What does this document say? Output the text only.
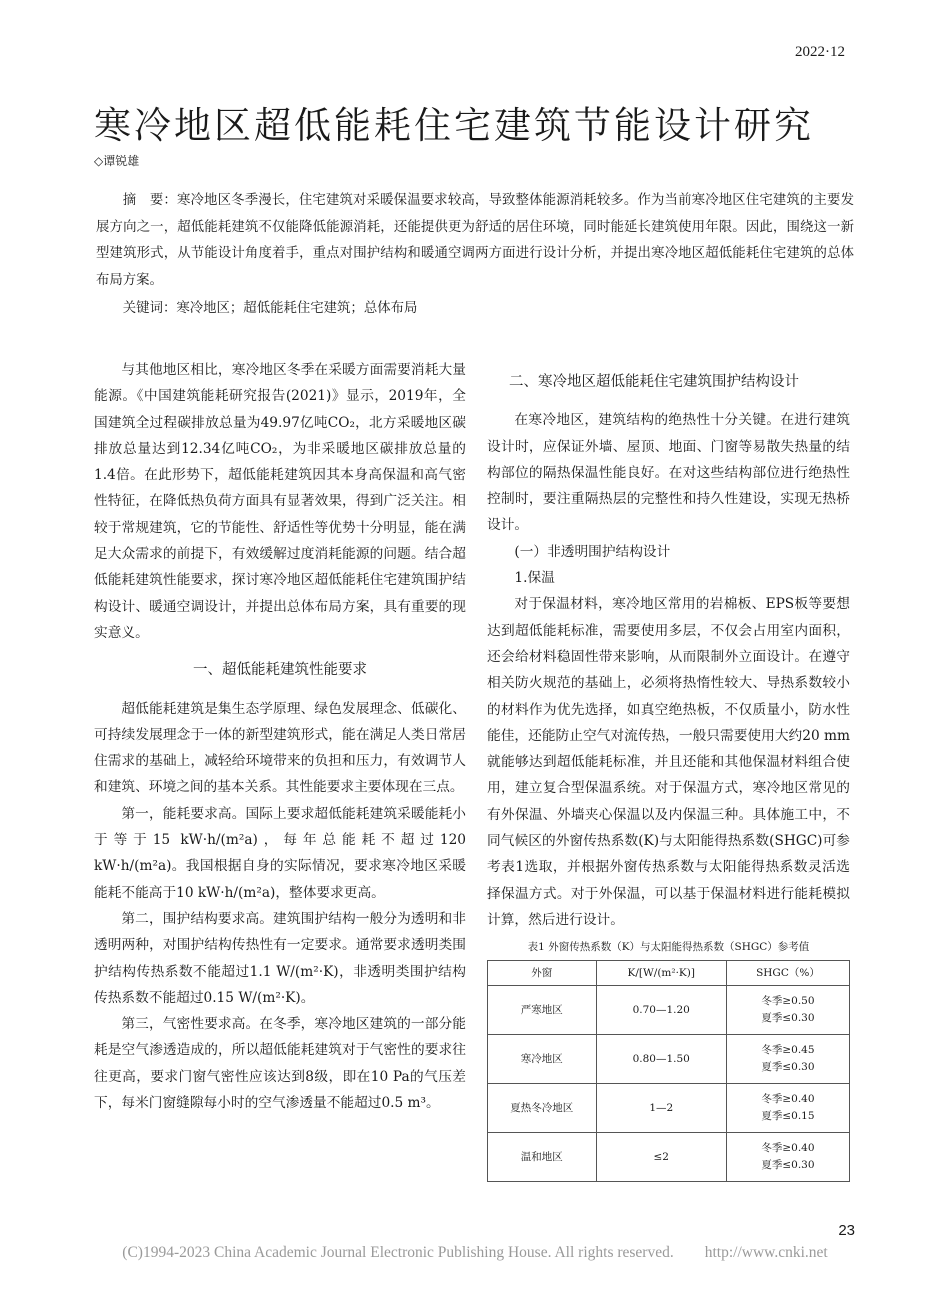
2022·12
寒冷地区超低能耗住宅建筑节能设计研究
◇谭锐雄

摘　要：寒冷地区冬季漫长，住宅建筑对采暖保温要求较高，导致整体能源消耗较多。作为当前寒冷地区住宅建筑的主要发展方向之一，超低能耗建筑不仅能降低能源消耗，还能提供更为舒适的居住环境，同时能延长建筑使用年限。因此，围绕这一新型建筑形式，从节能设计角度着手，重点对围护结构和暖通空调两方面进行设计分析，并提出寒冷地区超低能耗住宅建筑的总体布局方案。

关键词：寒冷地区；超低能耗住宅建筑；总体布局

与其他地区相比，寒冷地区冬季在采暖方面需要消耗大量能源。《中国建筑能耗研究报告(2021)》显示，2019年，全国建筑全过程碳排放总量为49.97亿吨CO₂，北方采暖地区碳排放总量达到12.34亿吨CO₂，为非采暖地区碳排放总量的1.4倍。在此形势下，超低能耗建筑因其本身高保温和高气密性特征，在降低热负荷方面具有显著效果，得到广泛关注。相较于常规建筑，它的节能性、舒适性等优势十分明显，能在满足大众需求的前提下，有效缓解过度消耗能源的问题。结合超低能耗建筑性能要求，探讨寒冷地区超低能耗住宅建筑围护结构设计、暖通空调设计，并提出总体布局方案，具有重要的现实意义。

一、超低能耗建筑性能要求

超低能耗建筑是集生态学原理、绿色发展理念、低碳化、可持续发展理念于一体的新型建筑形式，能在满足人类日常居住需求的基础上，减轻给环境带来的负担和压力，有效调节人和建筑、环境之间的基本关系。其性能要求主要体现在三点。

第一，能耗要求高。国际上要求超低能耗建筑采暖能耗小于等于15 kW·h/(m²a)，每年总能耗不超过120 kW·h/(m²a)。我国根据自身的实际情况，要求寒冷地区采暖能耗不能高于10 kW·h/(m²a)，整体要求更高。

第二，围护结构要求高。建筑围护结构一般分为透明和非透明两种，对围护结构传热性有一定要求。通常要求透明类围护结构传热系数不能超过1.1 W/(m²·K)，非透明类围护结构传热系数不能超过0.15 W/(m²·K)。

第三，气密性要求高。在冬季，寒冷地区建筑的一部分能耗是空气渗透造成的，所以超低能耗建筑对于气密性的要求往往更高，要求门窗气密性应该达到8级，即在10 Pa的气压差下，每米门窗缝隙每小时的空气渗透量不能超过0.5 m³。

二、寒冷地区超低能耗住宅建筑围护结构设计

在寒冷地区，建筑结构的绝热性十分关键。在进行建筑设计时，应保证外墙、屋顶、地面、门窗等易散失热量的结构部位的隔热保温性能良好。在对这些结构部位进行绝热性控制时，要注重隔热层的完整性和持久性建设，实现无热桥设计。

(一）非透明围护结构设计
1.保温

对于保温材料，寒冷地区常用的岩棉板、EPS板等要想达到超低能耗标准，需要使用多层，不仅会占用室内面积，还会给材料稳固性带来影响，从而限制外立面设计。在遵守相关防火规范的基础上，必须将热惰性较大、导热系数较小的材料作为优先选择，如真空绝热板，不仅质量小，防水性能佳，还能防止空气对流传热，一般只需要使用大约20 mm就能够达到超低能耗标准，并且还能和其他保温材料组合使用，建立复合型保温系统。对于保温方式，寒冷地区常见的有外保温、外墙夹心保温以及内保温三种。具体施工中，不同气候区的外窗传热系数(K)与太阳能得热系数(SHGC)可参考表1选取，并根据外窗传热系数与太阳能得热系数灵活选择保温方式。对于外保温，可以基于保温材料进行能耗模拟计算，然后进行设计。

表1 外窗传热系数（K）与太阳能得热系数（SHGC）参考值
外窗	K/[W/(m²·K)]	SHGC（%）
严寒地区	0.70—1.20	冬季≥0.50
夏季≤0.30

寒冷地区	0.80—1.50	冬季≥0.45
夏季≤0.30

夏热冬冷地区	1—2	冬季≥0.40
夏季≤0.15

温和地区	≤2	冬季≥0.40
夏季≤0.30
23
(C)1994-2023 China Academic Journal Electronic Publishing House. All rights reserved.　　http://www.cnki.net
